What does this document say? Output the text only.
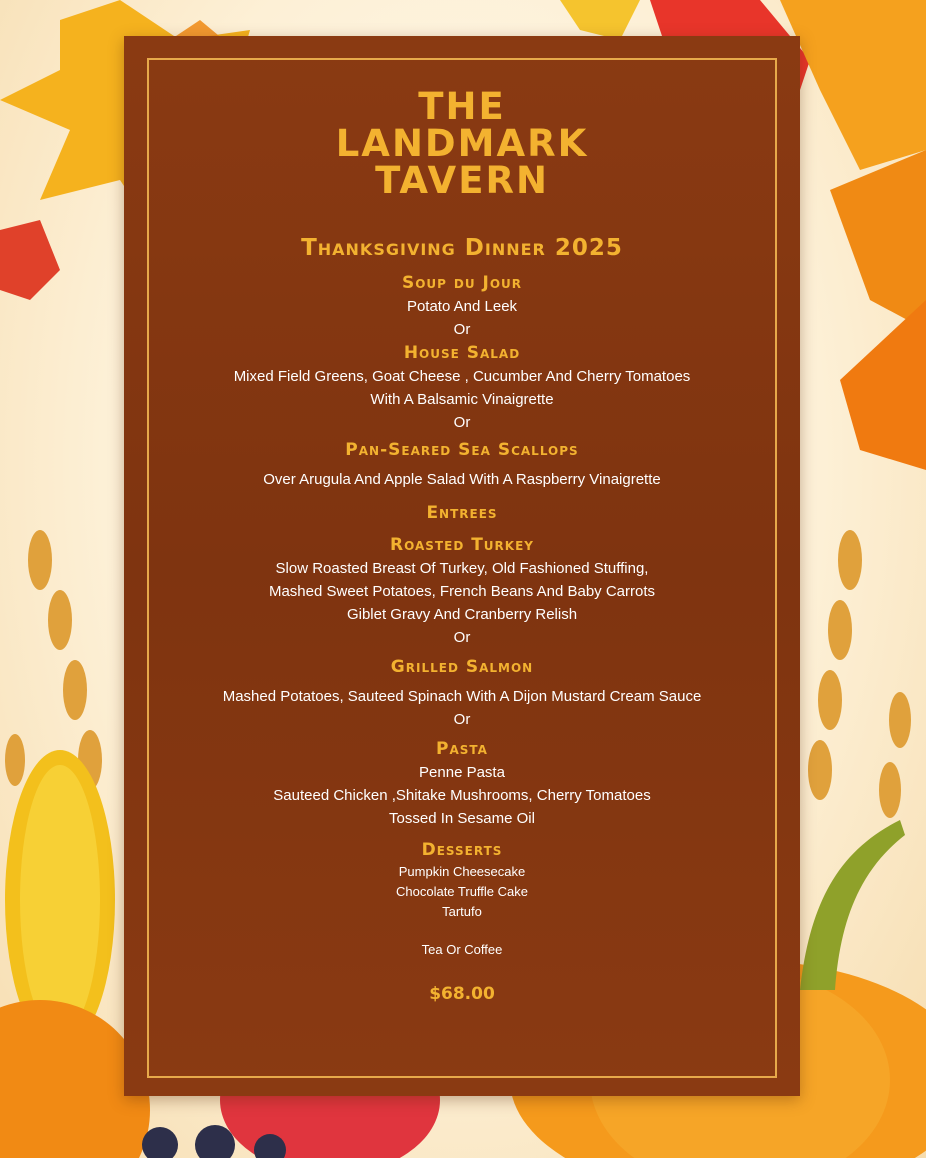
THE
LANDMARK
TAVERN
Thanksgiving Dinner 2025
Soup du Jour
Potato And Leek
Or
House Salad
Mixed Field Greens, Goat Cheese , Cucumber And Cherry Tomatoes
With A Balsamic Vinaigrette
Or
Pan-Seared Sea Scallops
Over Arugula And Apple Salad With A Raspberry Vinaigrette
Entrees
Roasted Turkey
Slow Roasted Breast Of Turkey, Old Fashioned Stuffing,
Mashed Sweet Potatoes, French Beans And Baby Carrots
Giblet Gravy And Cranberry Relish
Or
Grilled Salmon
Mashed Potatoes, Sauteed Spinach With A Dijon Mustard Cream Sauce
Or
Pasta
Penne Pasta
Sauteed Chicken ,Shitake Mushrooms, Cherry Tomatoes
Tossed In Sesame Oil
Desserts
Pumpkin Cheesecake
Chocolate Truffle Cake
Tartufo
Tea Or Coffee
$68.00
